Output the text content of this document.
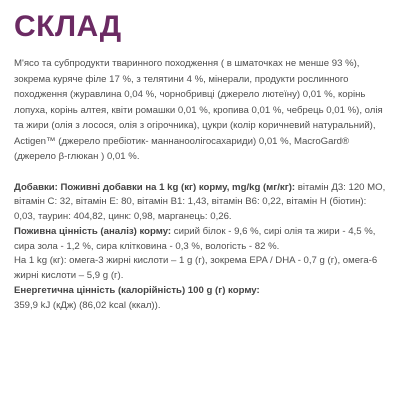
СКЛАД

М'ясо та субпродукти тваринного походження ( в шматочках не менше 93 %), зокрема куряче філе 17 %, з телятини 4 %, мінерали, продукти рослинного походження (журавлина 0,04 %, чорнобривці (джерело лютеїну) 0,01 %, корінь лопуха, корінь алтея, квіти ромашки 0,01 %, кропива 0,01 %, чебрець 0,01 %), олія та жири (олія з лосося, олія з огірочника), цукри (колір коричневий натуральний), Actigen™ (джерело пребіотик- маннаноолігосахариди) 0,01 %, MacroGard® (джерело β-глюкан ) 0,01 %.

Добавки: Поживні добавки на 1 kg (кг) корму, mg/kg (мг/кг): вітамін Д3: 120 МО, вітамін С: 32, вітамін Е: 80, вітамін В1: 1,43, вітамін В6: 0,22, вітамін Н (біотин): 0,03, таурин: 404,82, цинк: 0,98, марганець: 0,26.

Поживна цінність (аналіз) корму: сирий білок - 9,6 %, сирі олія та жири - 4,5 %, сира зола - 1,2 %, сира клітковина - 0,3 %, вологість - 82 %.

На 1 kg (кг): омега-3 жирні кислоти – 1 g (г), зокрема EPA / DHA - 0,7 g (г), омега-6 жирні кислоти – 5,9 g (г).

Енергетична цінність (калорійність) 100 g (г) корму:

359,9 kJ (кДж) (86,02 kcal (ккал)).
